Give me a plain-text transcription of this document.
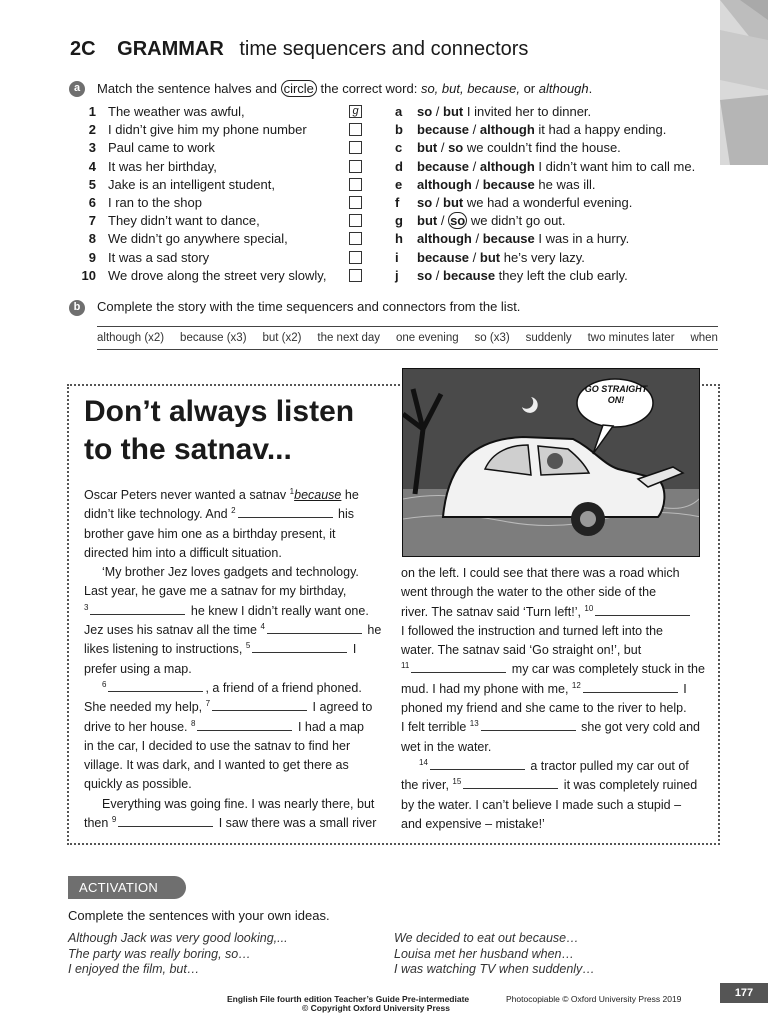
2C GRAMMAR time sequencers and connectors
a	Match the sentence halves and circle the correct word: so, but, because, or although.
1 The weather was awful,	g	a so / but I invited her to dinner.
2 I didn’t give him my phone number	b because / although it had a happy ending.
3 Paul came to work	c but / so we couldn’t find the house.
4 It was her birthday,	d because / although I didn’t want him to call me.
5 Jake is an intelligent student,	e although / because he was ill.
6 I ran to the shop	f so / but we had a wonderful evening.
7 They didn’t want to dance,	g but / so we didn’t go out.
8 We didn’t go anywhere special,	h although / because I was in a hurry.
9 It was a sad story	i because / but he’s very lazy.
10 We drove along the street very slowly,	j so / because they left the club early.
b	Complete the story with the time sequencers and connectors from the list.
although (x2) because (x3) but (x2) the next day one evening so (x3) suddenly two minutes later when
Don’t always listen
to the satnav...
Oscar Peters never wanted a satnav $^1$because he
didn’t like technology. And $^2$	his
brother gave him one as a birthday present, it
directed him into a difficult situation.
‘My brother Jez loves gadgets and technology.
Last year, he gave me a satnav for my birthday,
$^3$	he knew I didn’t really want one.
Jez uses his satnav all the time $^4$	he
likes listening to instructions, $^5$	I
prefer using a map.
$^6$	, a friend of a friend phoned.
She needed my help, $^7$	I agreed to
drive to her house. $^8$	I had a map
in the car, I decided to use the satnav to find her
village. It was dark, and I wanted to get there as
quickly as possible.
Everything was going fine. I was nearly there, but
then $^9$	I saw there was a small river
on the left. I could see that there was a road which
went through the water to the other side of the
river. The satnav said ‘Turn left!’, $^{10}$
I followed the instruction and turned left into the
water. The satnav said ‘Go straight on!’, but
$^{11}$	my car was completely stuck in the
mud. I had my phone with me, $^{12}$	I
phoned my friend and she came to the river to help.
I felt terrible $^{13}$	she got very cold and
wet in the water.
$^{14}$	a tractor pulled my car out of
the river, $^{15}$	it was completely ruined
by the water. I can’t believe I made such a stupid –
and expensive – mistake!’
GO STRAIGHT ON!
ACTIVATION
Complete the sentences with your own ideas.
Although Jack was very good looking,...
The party was really boring, so…
I enjoyed the film, but…
We decided to eat out because…
Louisa met her husband when…
I was watching TV when suddenly…
English File fourth edition Teacher’s Guide Pre-intermediate	Photocopiable © Oxford University Press 2019
© Copyright Oxford University Press
177
